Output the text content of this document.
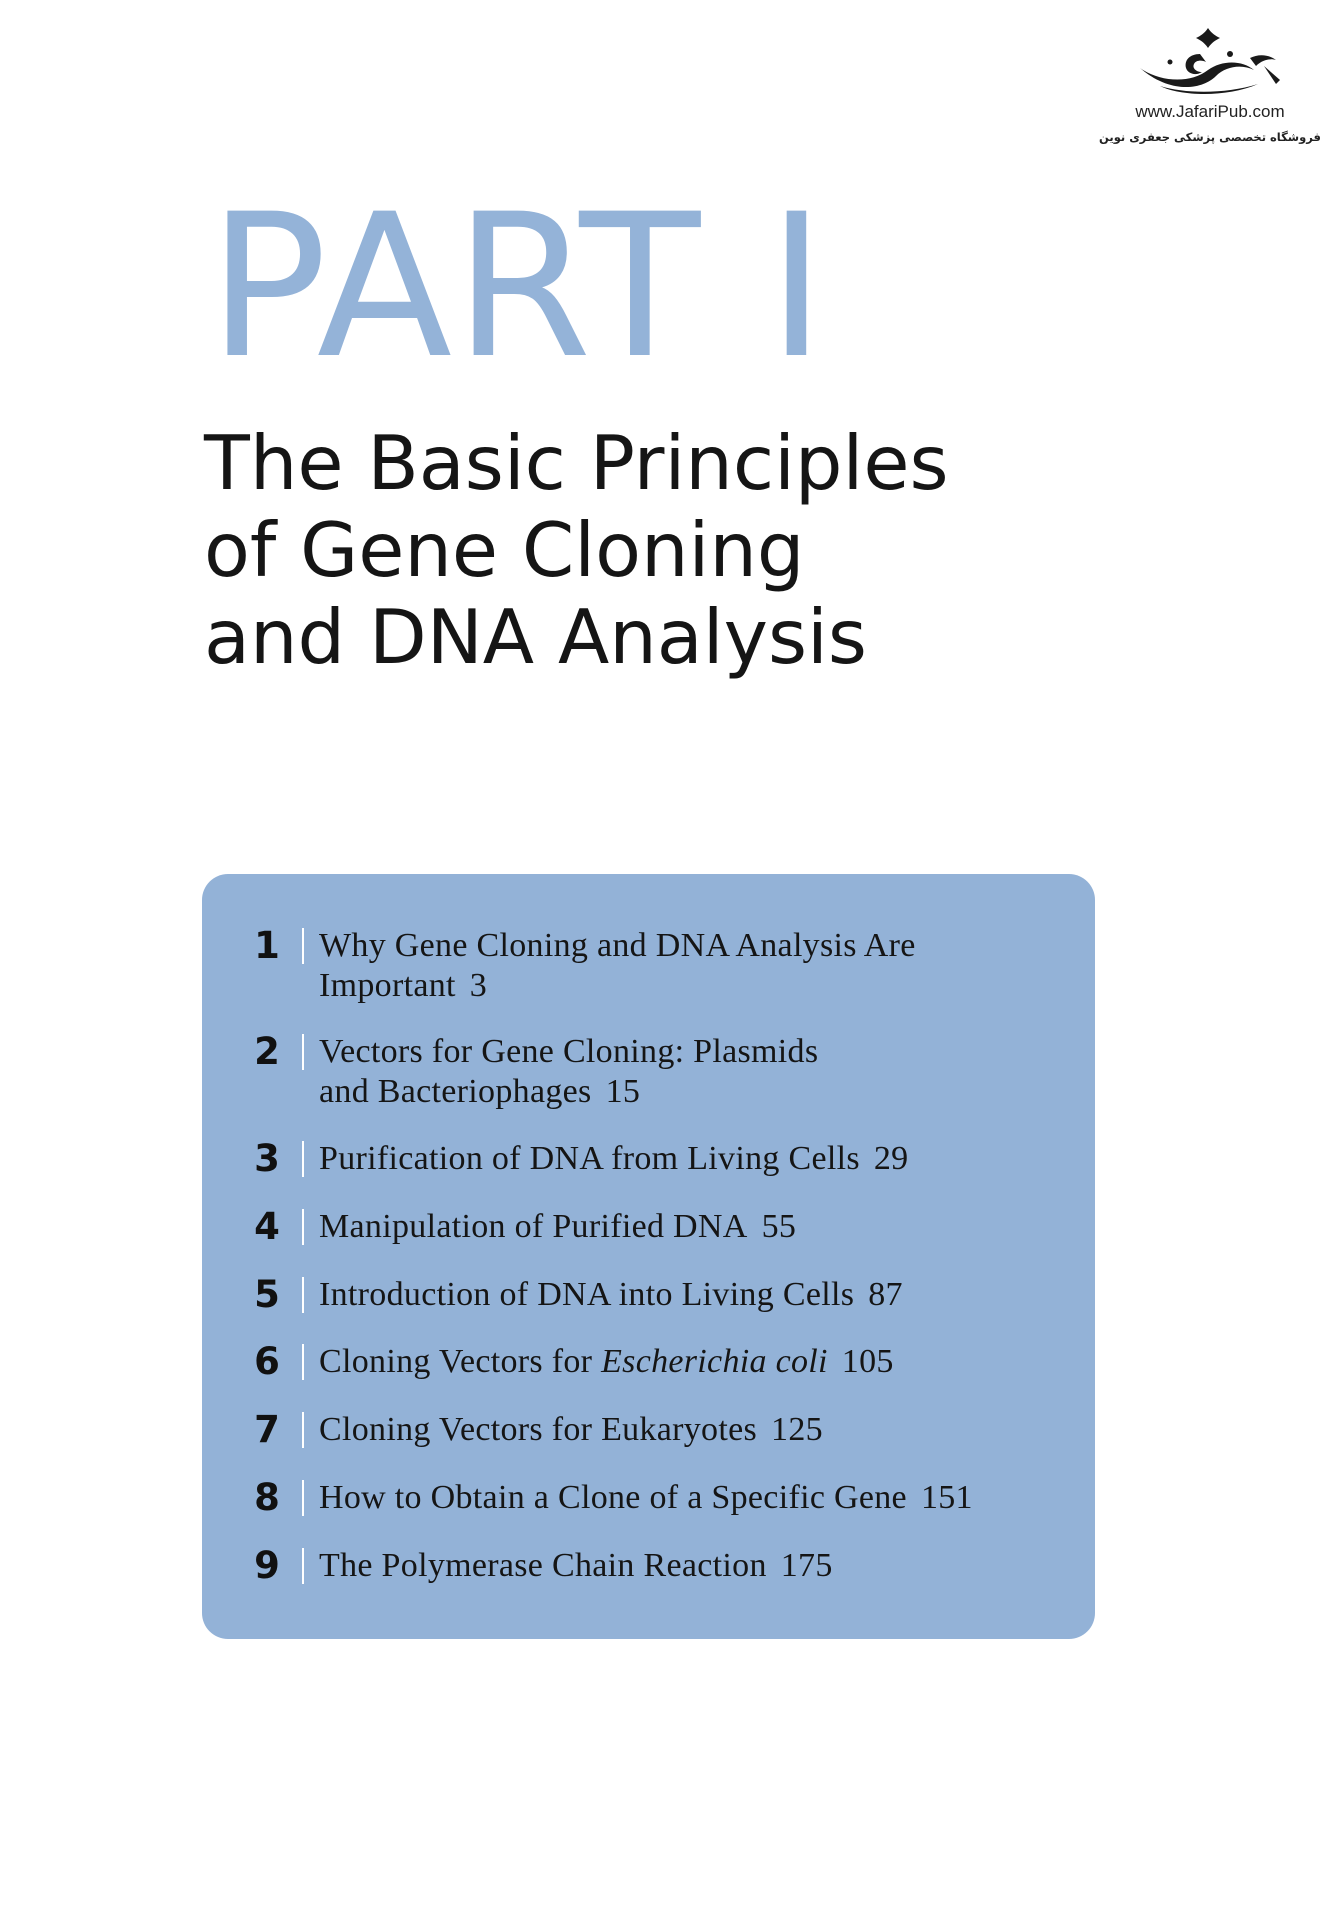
www.JafariPub.com
فروشگاه تخصصی پزشکی جعفری نوین
PART I
The Basic Principles
of Gene Cloning
and DNA Analysis
1 Why Gene Cloning and DNA Analysis Are
Important 3
2 Vectors for Gene Cloning: Plasmids
and Bacteriophages 15
3 Purification of DNA from Living Cells 29
4 Manipulation of Purified DNA 55
5 Introduction of DNA into Living Cells 87
6 Cloning Vectors for Escherichia coli 105
7 Cloning Vectors for Eukaryotes 125
8 How to Obtain a Clone of a Specific Gene 151
9 The Polymerase Chain Reaction 175
